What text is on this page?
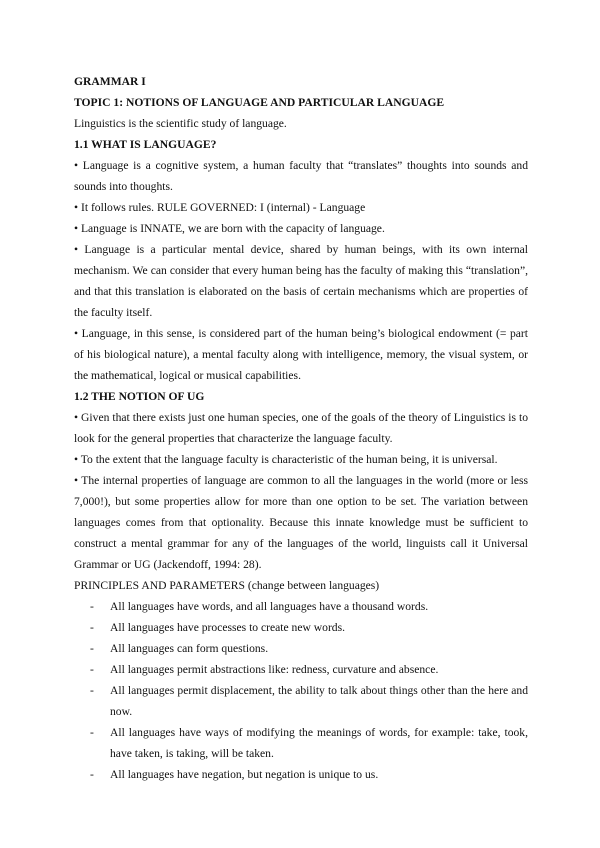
GRAMMAR I

TOPIC 1: NOTIONS OF LANGUAGE AND PARTICULAR LANGUAGE

Linguistics is the scientific study of language.

1.1 WHAT IS LANGUAGE?

• Language is a cognitive system, a human faculty that “translates” thoughts into sounds and sounds into thoughts.

• It follows rules. RULE GOVERNED: I (internal) - Language

• Language is INNATE, we are born with the capacity of language.

• Language is a particular mental device, shared by human beings, with its own internal mechanism. We can consider that every human being has the faculty of making this “translation”, and that this translation is elaborated on the basis of certain mechanisms which are properties of the faculty itself.

• Language, in this sense, is considered part of the human being’s biological endowment (= part of his biological nature), a mental faculty along with intelligence, memory, the visual system, or the mathematical, logical or musical capabilities.

1.2 THE NOTION OF UG

• Given that there exists just one human species, one of the goals of the theory of Linguistics is to look for the general properties that characterize the language faculty.

• To the extent that the language faculty is characteristic of the human being, it is universal.

• The internal properties of language are common to all the languages in the world (more or less 7,000!), but some properties allow for more than one option to be set. The variation between languages comes from that optionality. Because this innate knowledge must be sufficient to construct a mental grammar for any of the languages of the world, linguists call it Universal Grammar or UG (Jackendoff, 1994: 28).

PRINCIPLES AND PARAMETERS (change between languages)

- All languages have words, and all languages have a thousand words.
- All languages have processes to create new words.
- All languages can form questions.
- All languages permit abstractions like: redness, curvature and absence.
- All languages permit displacement, the ability to talk about things other than the here and now.
- All languages have ways of modifying the meanings of words, for example: take, took, have taken, is taking, will be taken.
- All languages have negation, but negation is unique to us.
